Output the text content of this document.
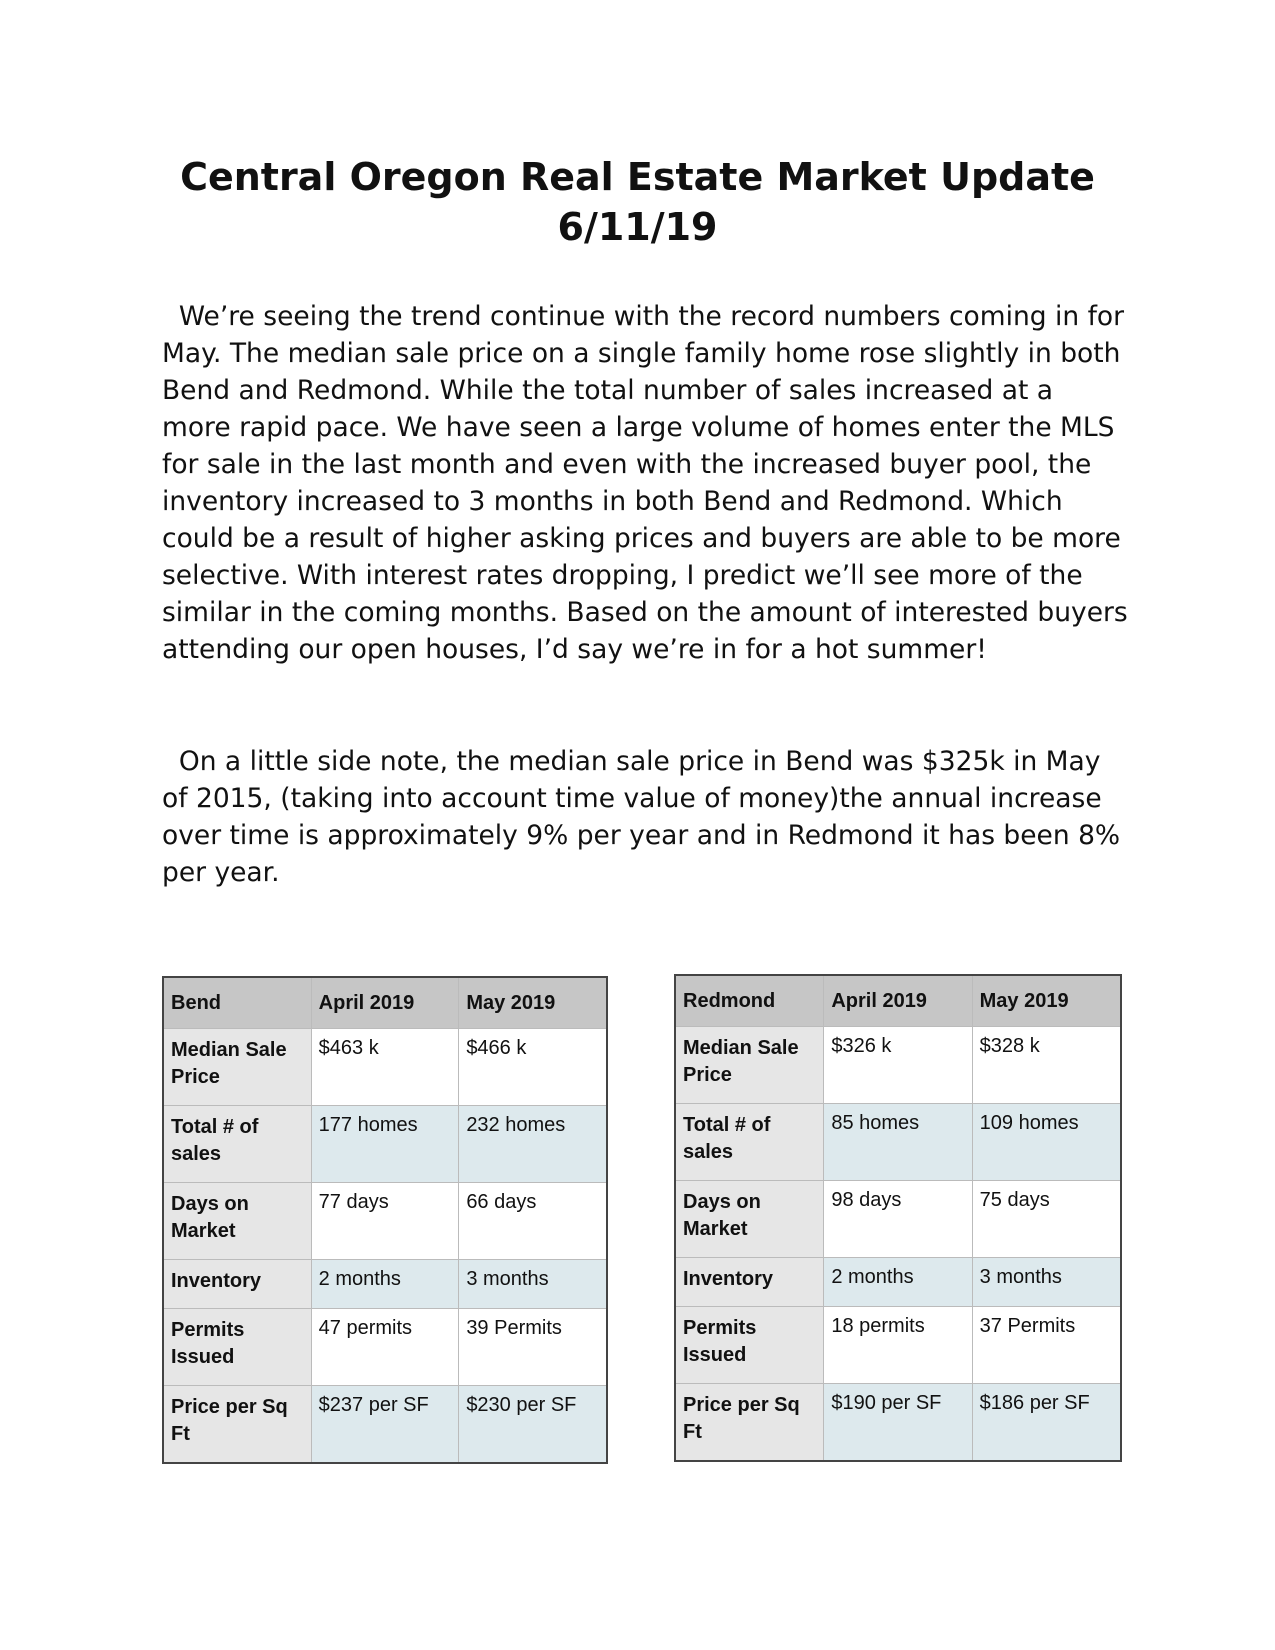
Central Oregon Real Estate Market Update
6/11/19

We’re seeing the trend continue with the record numbers coming in for May. The median sale price on a single family home rose slightly in both Bend and Redmond. While the total number of sales increased at a more rapid pace. We have seen a large volume of homes enter the MLS for sale in the last month and even with the increased buyer pool, the inventory increased to 3 months in both Bend and Redmond. Which could be a result of higher asking prices and buyers are able to be more selective. With interest rates dropping, I predict we’ll see more of the similar in the coming months. Based on the amount of interested buyers attending our open houses, I’d say we’re in for a hot summer!

On a little side note, the median sale price in Bend was $325k in May of 2015, (taking into account time value of money)the annual increase over time is approximately 9% per year and in Redmond it has been 8% per year.

Bend	April 2019	May 2019
Median Sale Price	$463 k	$466 k
Total # of sales	177 homes	232 homes
Days on Market	77 days	66 days
Inventory	2 months	3 months
Permits Issued	47 permits	39 Permits
Price per Sq Ft	$237 per SF	$230 per SF
Redmond	April 2019	May 2019
Median Sale Price	$326 k	$328 k
Total # of sales	85 homes	109 homes
Days on Market	98 days	75 days
Inventory	2 months	3 months
Permits Issued	18 permits	37 Permits
Price per Sq Ft	$190 per SF	$186 per SF
